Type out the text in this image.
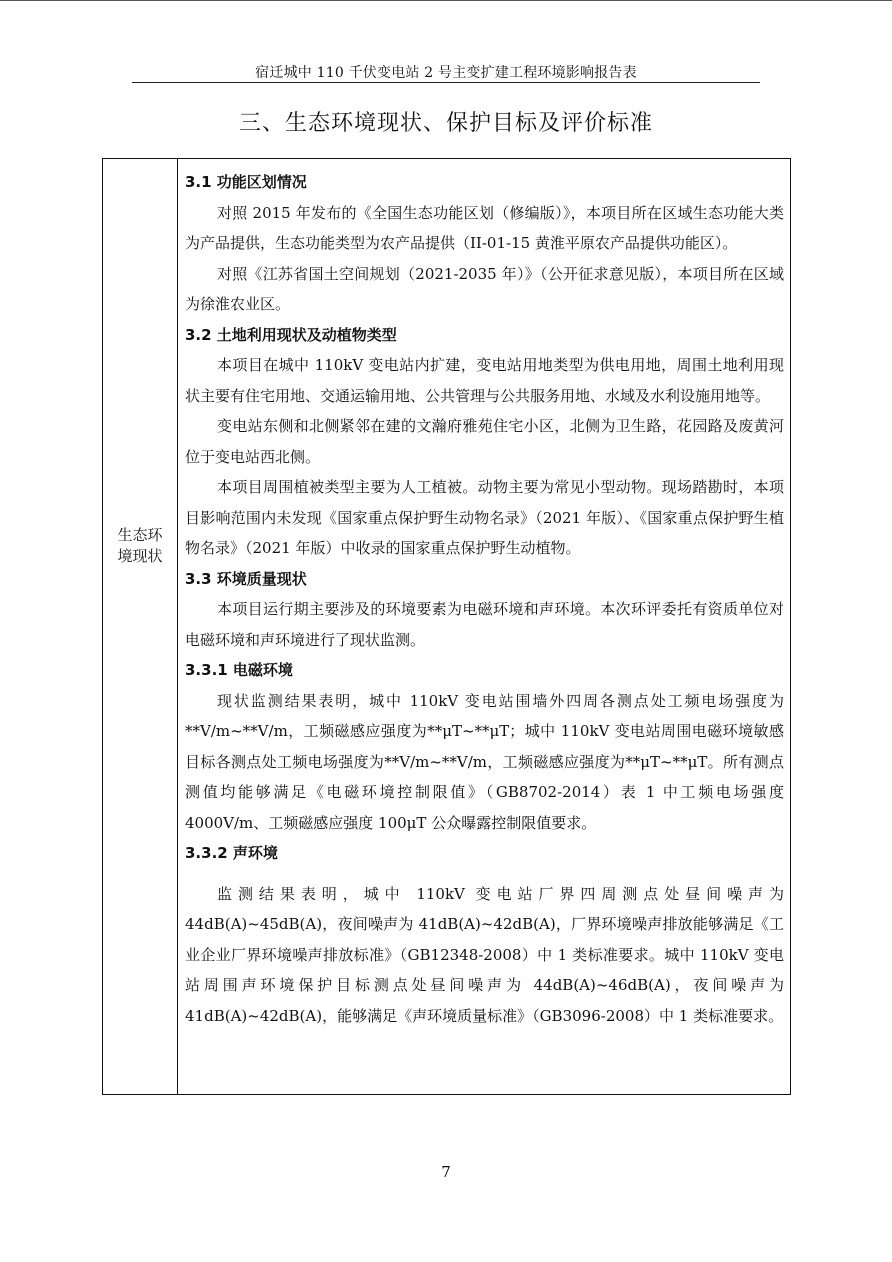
宿迁城中 110 千伏变电站 2 号主变扩建工程环境影响报告表
三、生态环境现状、保护目标及评价标准
生态环境现状
3.1 功能区划情况

对照 2015 年发布的《全国生态功能区划（修编版）》，本项目所在区域生态功能大类为产品提供，生态功能类型为农产品提供（II-01-15 黄淮平原农产品提供功能区）。

对照《江苏省国土空间规划（2021-2035 年）》（公开征求意见版），本项目所在区域为徐淮农业区。

3.2 土地利用现状及动植物类型

本项目在城中 110kV 变电站内扩建，变电站用地类型为供电用地，周围土地利用现状主要有住宅用地、交通运输用地、公共管理与公共服务用地、水域及水利设施用地等。

变电站东侧和北侧紧邻在建的文瀚府雅苑住宅小区，北侧为卫生路，花园路及废黄河位于变电站西北侧。

本项目周围植被类型主要为人工植被。动物主要为常见小型动物。现场踏勘时，本项目影响范围内未发现《国家重点保护野生动物名录》（2021 年版）、《国家重点保护野生植物名录》（2021 年版）中收录的国家重点保护野生动植物。

3.3 环境质量现状

本项目运行期主要涉及的环境要素为电磁环境和声环境。本次环评委托有资质单位对电磁环境和声环境进行了现状监测。

3.3.1 电磁环境

现状监测结果表明，城中 110kV 变电站围墙外四周各测点处工频电场强度为**V/m~**V/m，工频磁感应强度为**μT~**μT；城中 110kV 变电站周围电磁环境敏感目标各测点处工频电场强度为**V/m~**V/m，工频磁感应强度为**μT~**μT。所有测点测值均能够满足《电磁环境控制限值》（GB8702-2014）表 1 中工频电场强度 4000V/m、工频磁感应强度 100μT 公众曝露控制限值要求。

3.3.2 声环境

监测结果表明，城中 110kV 变电站厂界四周测点处昼间噪声为 44dB(A)~45dB(A)，夜间噪声为 41dB(A)~42dB(A)，厂界环境噪声排放能够满足《工业企业厂界环境噪声排放标准》（GB12348-2008）中 1 类标准要求。城中 110kV 变电站周围声环境保护目标测点处昼间噪声为 44dB(A)~46dB(A)，夜间噪声为 41dB(A)~42dB(A)，能够满足《声环境质量标准》（GB3096-2008）中 1 类标准要求。

7
